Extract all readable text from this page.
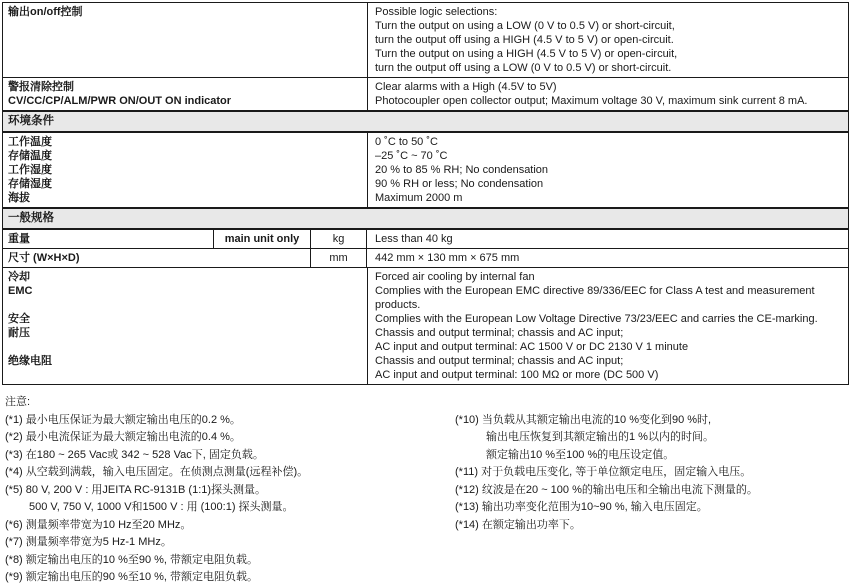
输出on/off控制	Possible logic selections:
Turn the output on using a LOW (0 V to 0.5 V) or short-circuit,
turn the output off using a HIGH (4.5 V to 5 V) or open-circuit.
Turn the output on using a HIGH (4.5 V to 5 V) or open-circuit,
turn the output off using a LOW (0 V to 0.5 V) or short-circuit.
警报清除控制	Clear alarms with a High (4.5V to 5V)
CV/CC/CP/ALM/PWR ON/OUT ON indicator	Photocoupler open collector output; Maximum voltage 30 V, maximum sink current 8 mA.
环境条件
工作温度	0 ˚C to 50 ˚C
存储温度	–25 ˚C ~ 70 ˚C
工作湿度	20 % to 85 % RH; No condensation
存储湿度	90 % RH or less; No condensation
海拔	Maximum 2000 m
一般规格
重量	main unit only	kg	Less than 40 kg
尺寸 (W×H×D)	mm	442 mm × 130 mm × 675 mm
冷却	Forced air cooling by internal fan
EMC	Complies with the European EMC directive 89/336/EEC for Class A test and measurement products.
安全	Complies with the European Low Voltage Directive 73/23/EEC and carries the CE-marking.
耐压	Chassis and output terminal; chassis and AC input;
AC input and output terminal: AC 1500 V or DC 2130 V 1 minute
绝缘电阻	Chassis and output terminal; chassis and AC input;
AC input and output terminal: 100 MΩ or more (DC 500 V)
注意:
(*1) 最小电压保证为最大额定输出电压的0.2 %。
(*2) 最小电流保证为最大额定输出电流的0.4 %。
(*3) 在180 ~ 265 Vac或 342 ~ 528 Vac下, 固定负载。
(*4) 从空载到满载，输入电压固定。在侦测点测量(远程补偿)。
(*5) 80 V, 200 V : 用JEITA RC-9131B (1:1)探头测量。
500 V, 750 V, 1000 V和1500 V : 用 (100:1) 探头测量。
(*6) 测量频率带宽为10 Hz至20 MHz。
(*7) 测量频率带宽为5 Hz-1 MHz。
(*8) 额定输出电压的10 %至90 %, 带额定电阻负载。
(*9) 额定输出电压的90 %至10 %, 带额定电阻负载。
(*10) 当负载从其额定输出电流的10 %变化到90 %时,
输出电压恢复到其额定输出的1 %以内的时间。
额定输出10 %至100 %的电压设定值。
(*11) 对于负载电压变化, 等于单位额定电压，固定输入电压。
(*12) 纹波是在20 ~ 100 %的输出电压和全输出电流下测量的。
(*13) 输出功率变化范围为10~90 %, 输入电压固定。
(*14) 在额定输出功率下。
